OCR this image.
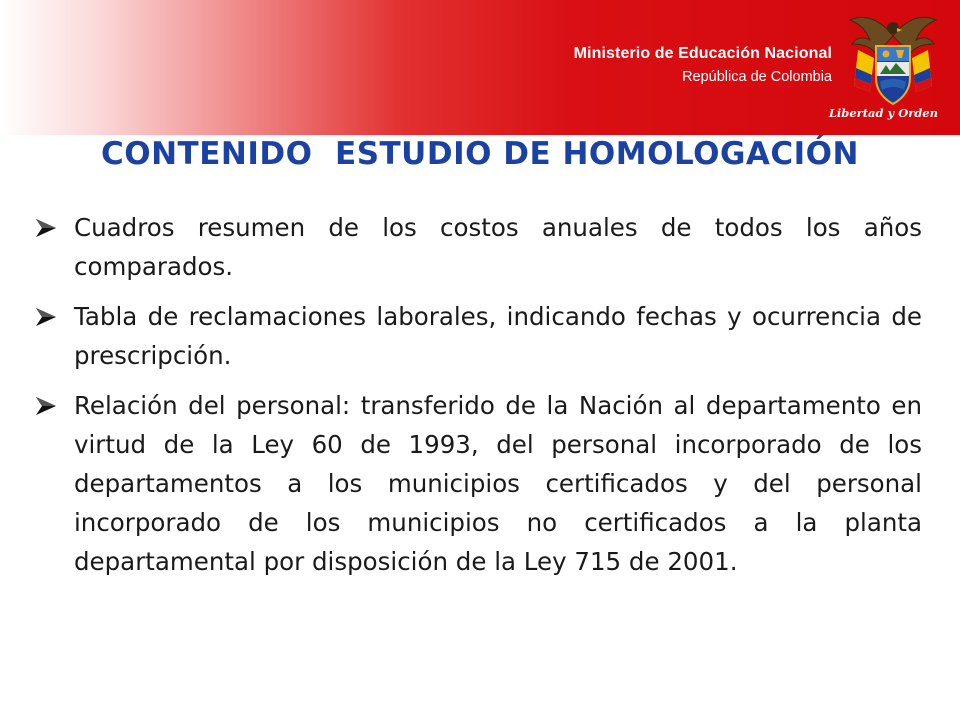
Ministerio de Educación Nacional
República de Colombia
Libertad y Orden
CONTENIDO  ESTUDIO DE HOMOLOGACIÓN
Cuadros resumen de los costos anuales de todos los años comparados.
Tabla de reclamaciones laborales, indicando fechas y ocurrencia de prescripción.
Relación del personal: transferido de la Nación al departamento en virtud de la Ley 60 de 1993, del personal incorporado de los departamentos a los municipios certificados y del personal incorporado de los municipios no certificados a la planta departamental por disposición de la Ley 715 de 2001.
